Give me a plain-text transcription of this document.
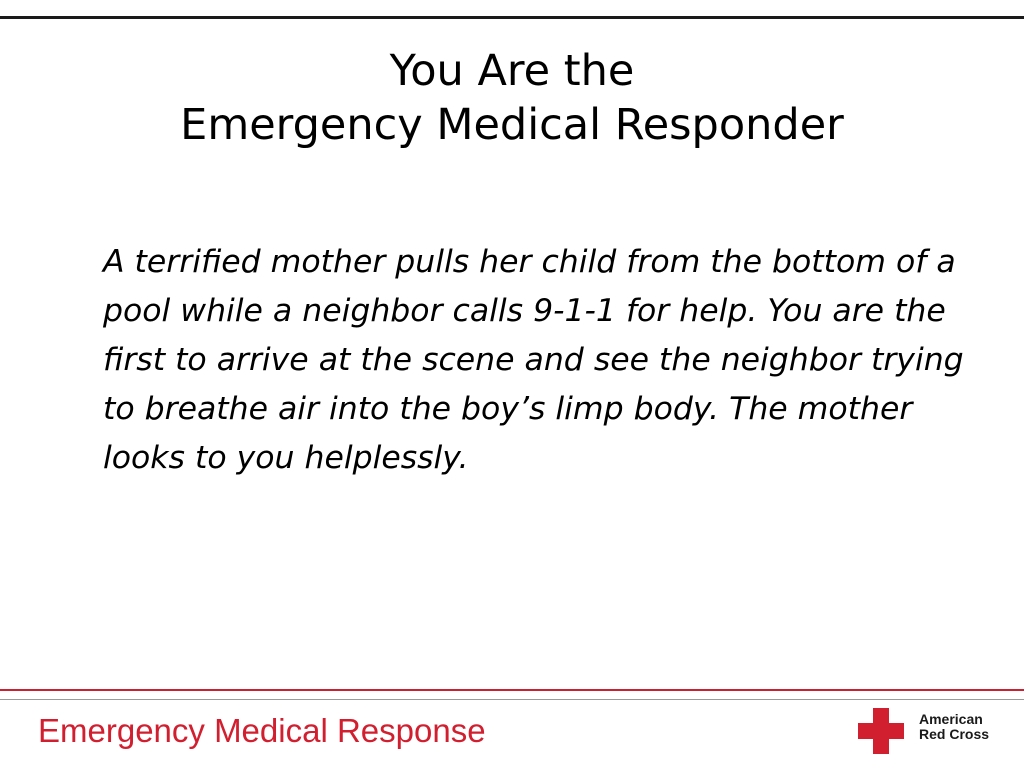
You Are the
Emergency Medical Responder

A terrified mother pulls her child from the bottom of a pool while a neighbor calls 9-1-1 for help. You are the first to arrive at the scene and see the neighbor trying to breathe air into the boy’s limp body. The mother looks to you helplessly.

Emergency Medical Response	American
Red Cross
